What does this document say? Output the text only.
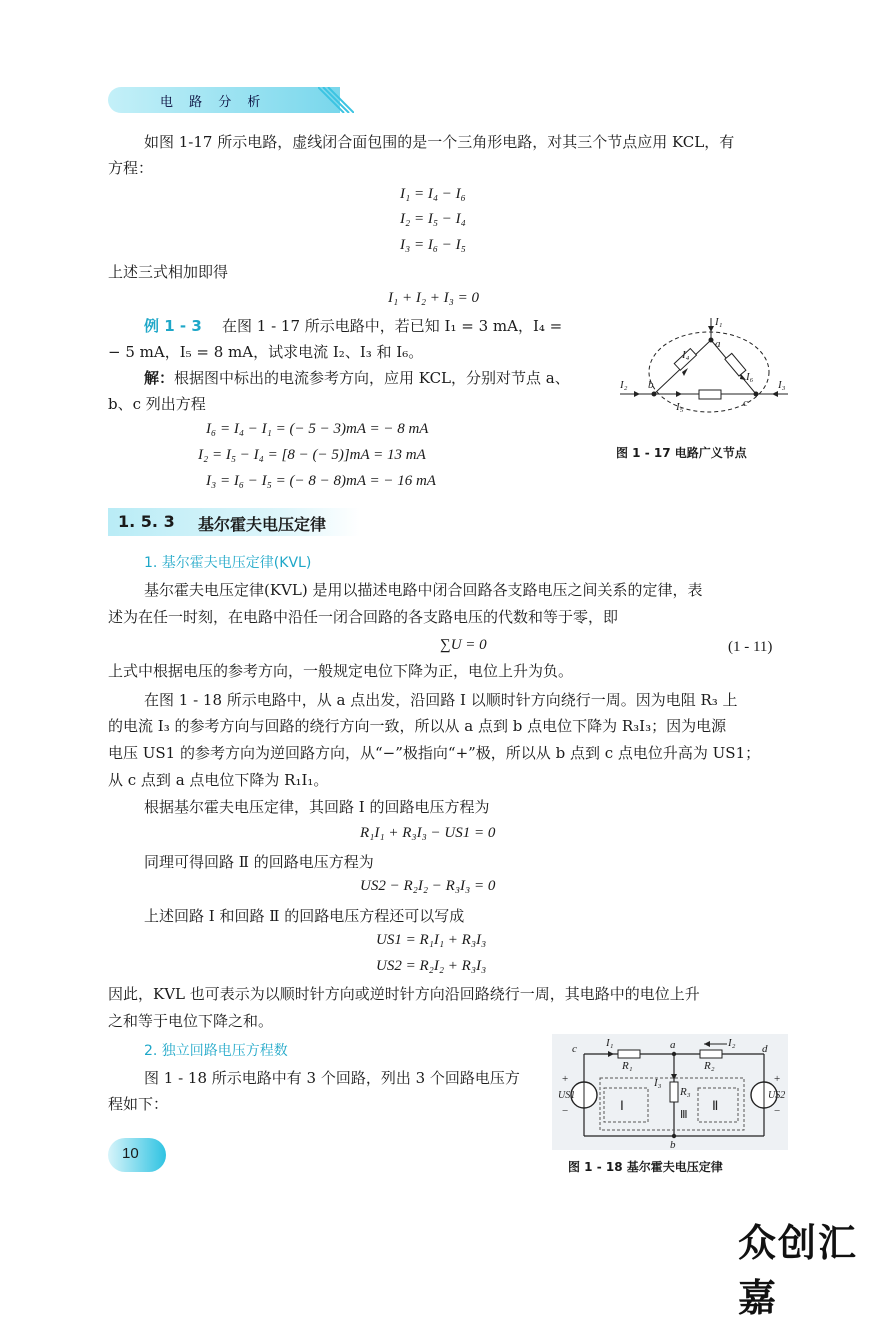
电 路 分 析
如图 1-17 所示电路，虚线闭合面包围的是一个三角形电路，对其三个节点应用 KCL，有
方程：
I₁ = I₄ − I₆
I₂ = I₅ − I₄
I₃ = I₆ − I₅
上述三式相加即得
I₁ + I₂ + I₃ = 0
例 1 - 3 在图 1 - 17 所示电路中，若已知 I₁ = 3 mA，I₄ =
− 5 mA，I₅ = 8 mA，试求电流 I₂、I₃ 和 I₆。
解： 根据图中标出的电流参考方向，应用 KCL，分别对节点 a、
b、c 列出方程
I₆ = I₄ − I₁ = (− 5 − 3)mA = − 8 mA
I₂ = I₅ − I₄ = [8 − (− 5)]mA = 13 mA
I₃ = I₆ − I₅ = (− 8 − 8)mA = − 16 mA
I₁
a
I₄
I₆
I₂ b	I₃
c
I₅
图 1 - 17 电路广义节点
1. 5. 3 基尔霍夫电压定律
1. 基尔霍夫电压定律(KVL)
基尔霍夫电压定律(KVL) 是用以描述电路中闭合回路各支路电压之间关系的定律，表
述为在任一时刻，在电路中沿任一闭合回路的各支路电压的代数和等于零，即
∑U = 0	(1 - 11)
上式中根据电压的参考方向，一般规定电位下降为正，电位上升为负。
在图 1 - 18 所示电路中，从 a 点出发，沿回路 Ⅰ 以顺时针方向绕行一周。因为电阻 R₃ 上
的电流 I₃ 的参考方向与回路的绕行方向一致，所以从 a 点到 b 点电位下降为 R₃I₃；因为电源
电压 US1 的参考方向为逆回路方向，从“−”极指向“+”极，所以从 b 点到 c 点电位升高为 US1；
从 c 点到 a 点电位下降为 R₁I₁。
根据基尔霍夫电压定律，其回路 Ⅰ 的回路电压方程为
R₁I₁ + R₃I₃ − US1 = 0
同理可得回路 Ⅱ 的回路电压方程为
US2 − R₂I₂ − R₃I₃ = 0
上述回路 Ⅰ 和回路 Ⅱ 的回路电压方程还可以写成
US1 = R₁I₁ + R₃I₃
US2 = R₂I₂ + R₃I₃
因此，KVL 也可表示为以顺时针方向或逆时针方向沿回路绕行一周，其电路中的电位上升
之和等于电位下降之和。
2. 独立回路电压方程数
图 1 - 18 所示电路中有 3 个回路，列出 3 个回路电压方
程如下：
c	a	d
b
I₁	I₂
I₃
R₁	R₂
R₃
US1	US2
+
−
+
−
Ⅰ	Ⅱ
Ⅲ
图 1 - 18 基尔霍夫电压定律
10
众创汇嘉
